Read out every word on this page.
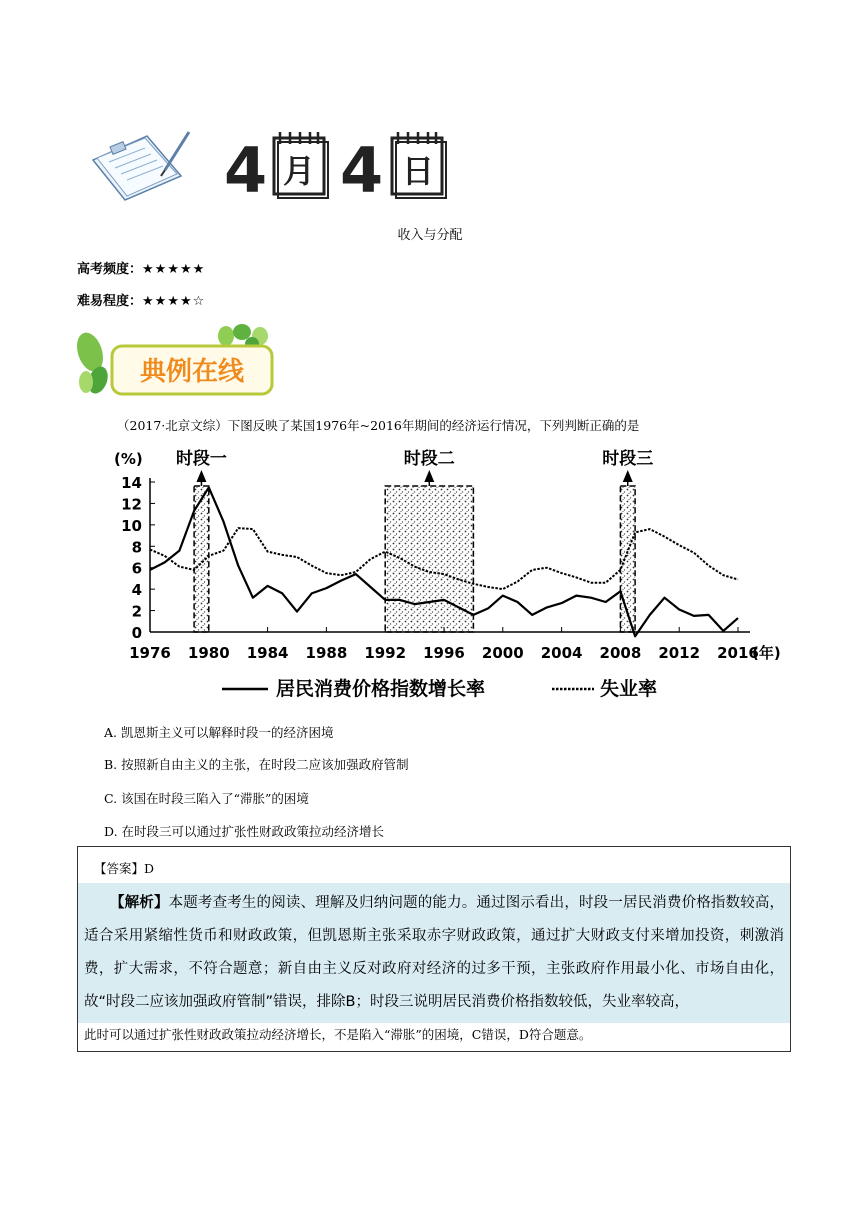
4 月 4 日
收入与分配
高考频度：★★★★★
难易程度：★★★★☆
典例在线
（2017·北京文综）下图反映了某国1976年~2016年期间的经济运行情况，下列判断正确的是
时段一	时段二	时段三
(%)
0
2
4
6
8
10
12
14
1976 1980 1984 1988 1992 1996 2000 2004 2008 2012 2016
(年)
居民消费价格指数增长率	失业率
A. 凯恩斯主义可以解释时段一的经济困境
B. 按照新自由主义的主张，在时段二应该加强政府管制
C. 该国在时段三陷入了“滞胀”的困境
D. 在时段三可以通过扩张性财政政策拉动经济增长
【答案】D
【解析】本题考查考生的阅读、理解及归纳问题的能力。通过图示看出，时段一居民消费价格指数较高，适合采用紧缩性货币和财政政策，但凯恩斯主张采取赤字财政政策，通过扩大财政支付来增加投资，刺激消费，扩大需求，不符合题意；新自由主义反对政府对经济的过多干预，主张政府作用最小化、市场自由化，故“时段二应该加强政府管制”错误，排除B；时段三说明居民消费价格指数较低，失业率较高，
此时可以通过扩张性财政政策拉动经济增长，不是陷入“滞胀”的困境，C错误，D符合题意。
